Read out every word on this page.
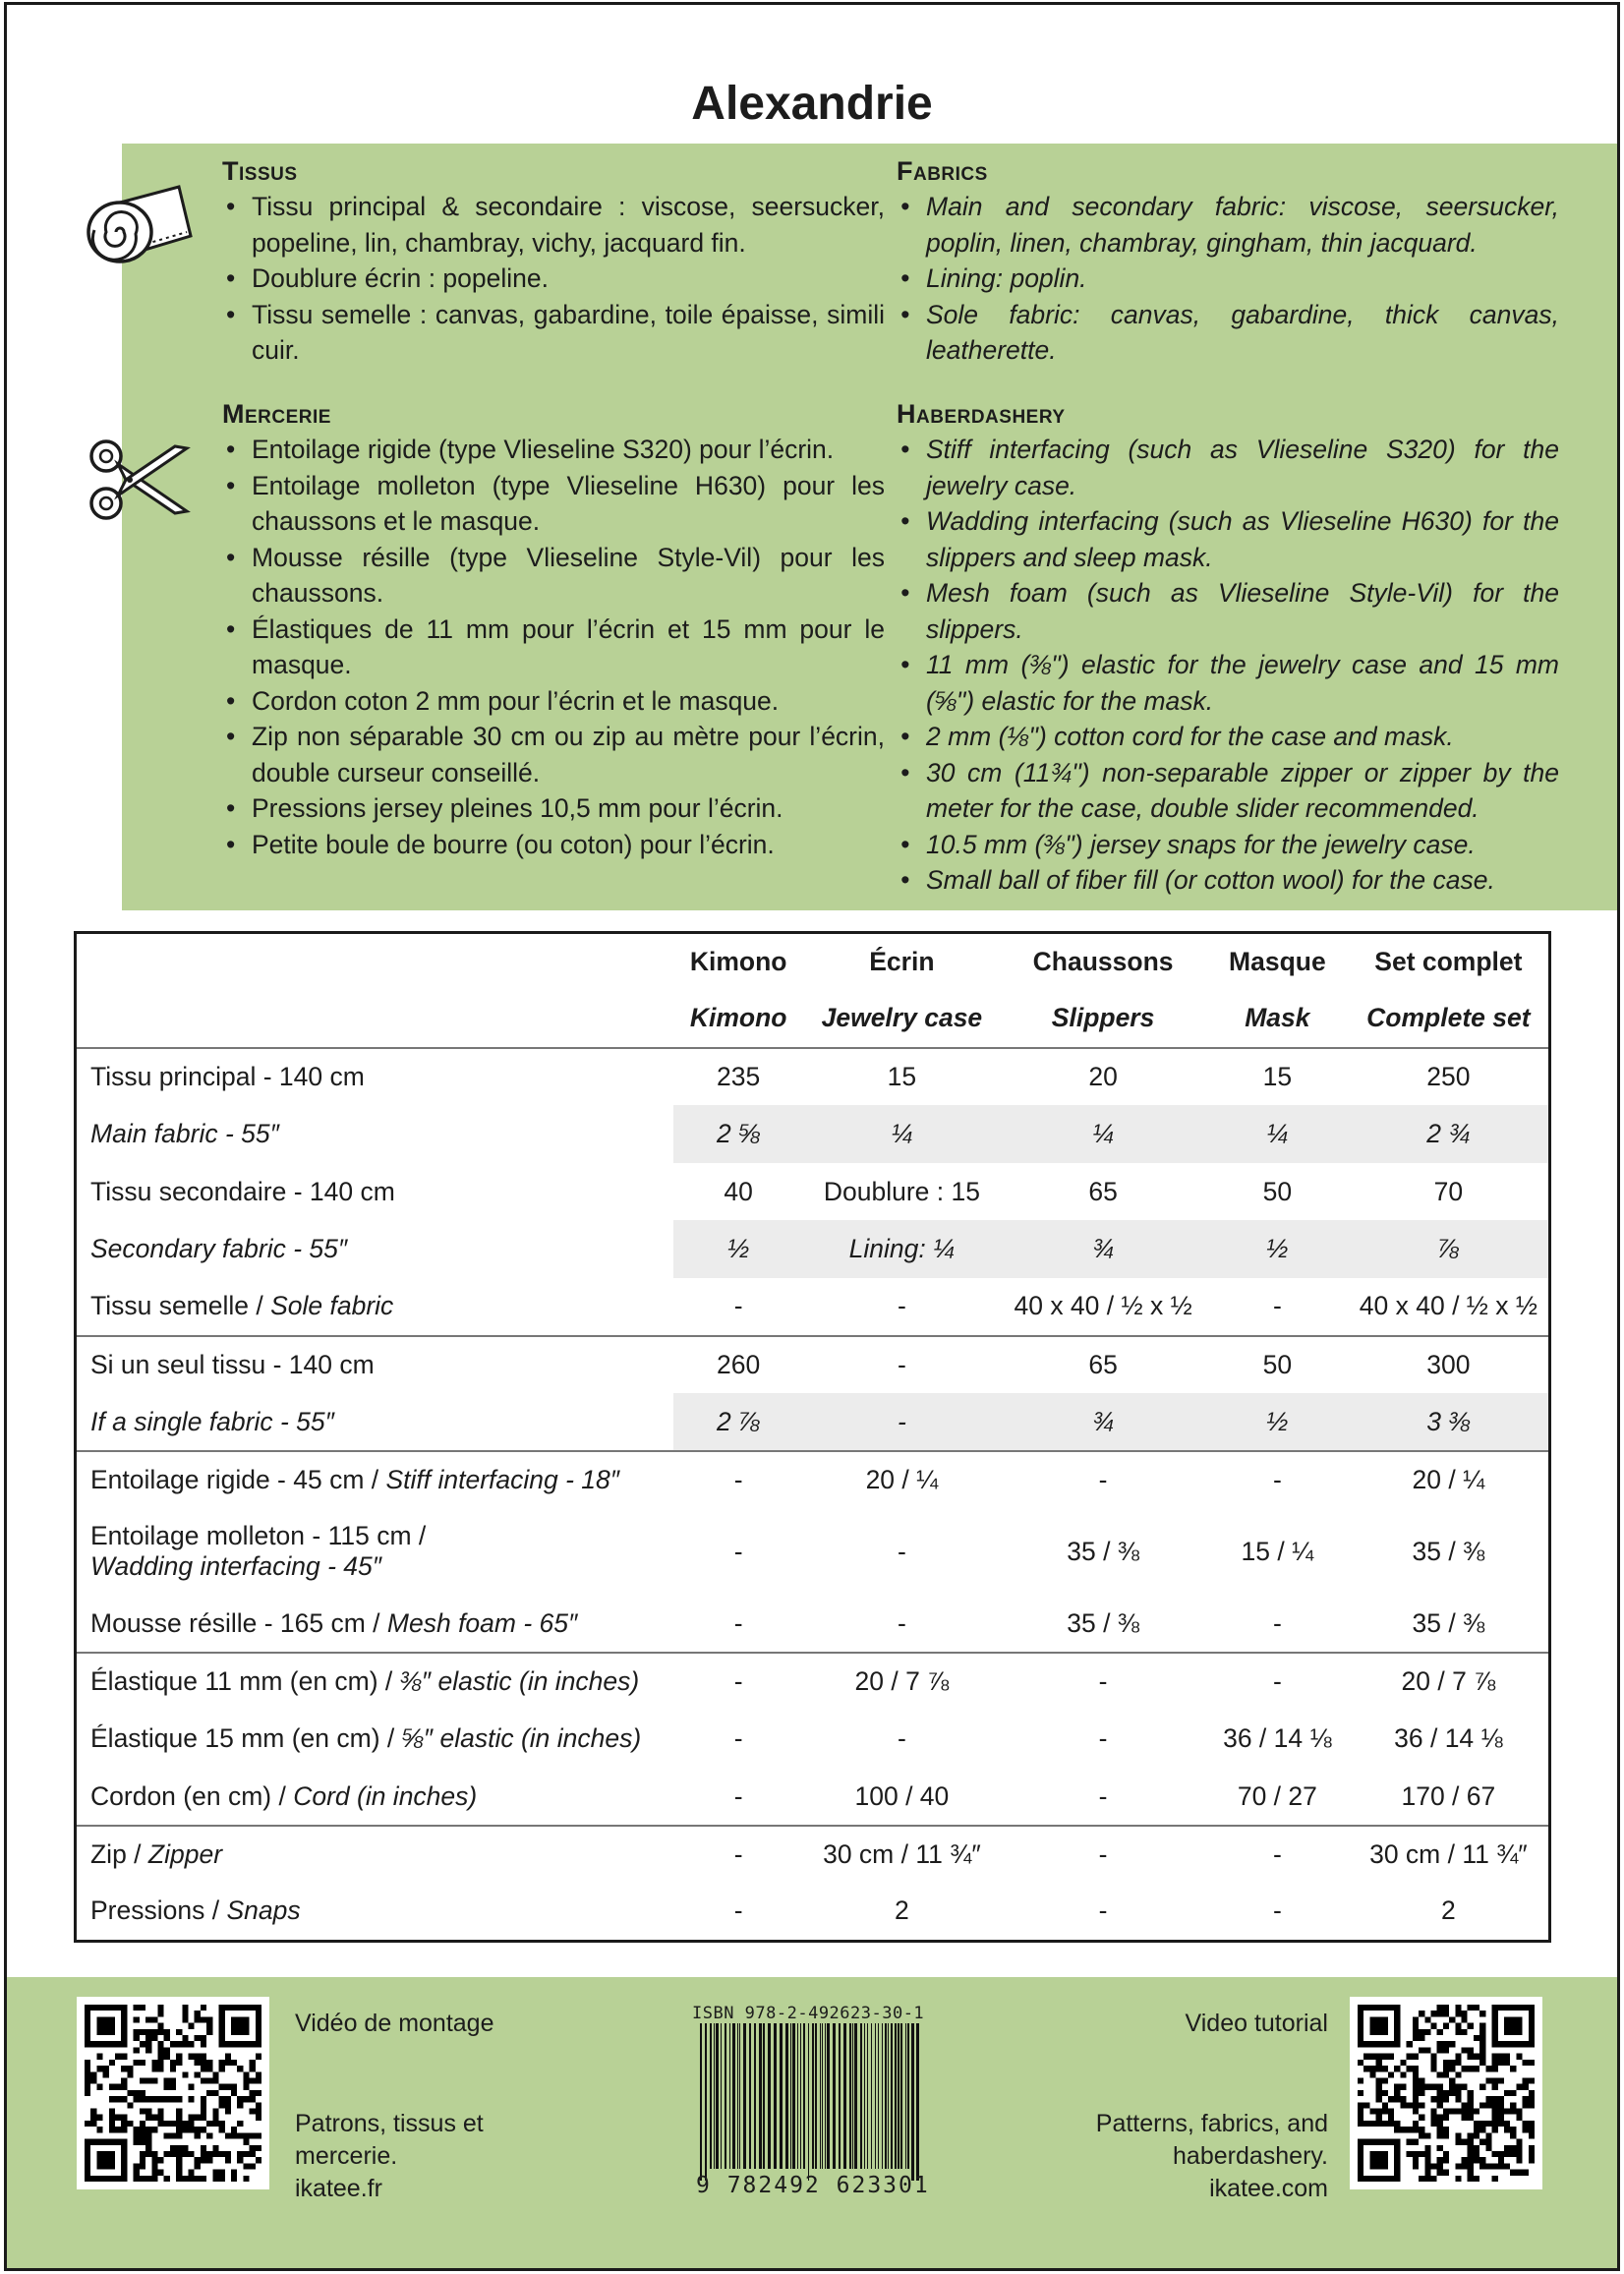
Alexandrie
Tissus
• Tissu principal & secondaire : viscose, seersucker, popeline, lin, chambray, vichy, jacquard fin.
• Doublure écrin : popeline.
• Tissu semelle : canvas, gabardine, toile épaisse, simili cuir.
Fabrics
• Main and secondary fabric: viscose, seersucker, poplin, linen, chambray, gingham, thin jacquard.
• Lining: poplin.
• Sole fabric: canvas, gabardine, thick canvas, leatherette.
Mercerie
• Entoilage rigide (type Vlieseline S320) pour l’écrin.
• Entoilage molleton (type Vlieseline H630) pour les chaussons et le masque.
• Mousse résille (type Vlieseline Style-Vil) pour les chaussons.
• Élastiques de 11 mm pour l’écrin et 15 mm pour le masque.
• Cordon coton 2 mm pour l’écrin et le masque.
• Zip non séparable 30 cm ou zip au mètre pour l’écrin, double curseur conseillé.
• Pressions jersey pleines 10,5 mm pour l’écrin.
• Petite boule de bourre (ou coton) pour l’écrin.
Haberdashery
• Stiff interfacing (such as Vlieseline S320) for the jewelry case.
• Wadding interfacing (such as Vlieseline H630) for the slippers and sleep mask.
• Mesh foam (such as Vlieseline Style-Vil) for the slippers.
• 11 mm (⅜") elastic for the jewelry case and 15 mm (⅝") elastic for the mask.
• 2 mm (⅛") cotton cord for the case and mask.
• 30 cm (11¾") non-separable zipper or zipper by the meter for the case, double slider recommended.
• 10.5 mm (⅜") jersey snaps for the jewelry case.
• Small ball of fiber fill (or cotton wool) for the case.
	Kimono	Écrin	Chaussons	Masque	Set complet
	Kimono	Jewelry case	Slippers	Mask	Complete set
Tissu principal - 140 cm	235	15	20	15	250
Main fabric - 55″	2 ⅝	¼	¼	¼	2 ¾
Tissu secondaire - 140 cm	40	Doublure : 15	65	50	70
Secondary fabric - 55″	½	Lining: ¼	¾	½	⅞
Tissu semelle / Sole fabric	-	-	40 x 40 / ½ x ½	-	40 x 40 / ½ x ½
Si un seul tissu - 140 cm	260	-	65	50	300
If a single fabric - 55″	2 ⅞	-	¾	½	3 ⅜
Entoilage rigide - 45 cm / Stiff interfacing - 18″	-	20 / ¼	-	-	20 / ¼
Entoilage molleton - 115 cm /
Wadding interfacing - 45″	-	-	35 / ⅜	15 / ¼	35 / ⅜
Mousse résille - 165 cm / Mesh foam - 65″	-	-	35 / ⅜	-	35 / ⅜
Élastique 11 mm (en cm) / ⅜″ elastic (in inches)	-	20 / 7 ⅞	-	-	20 / 7 ⅞
Élastique 15 mm (en cm) / ⅝″ elastic (in inches)	-	-	-	36 / 14 ⅛	36 / 14 ⅛
Cordon (en cm) / Cord (in inches)	-	100 / 40	-	70 / 27	170 / 67
Zip / Zipper	-	30 cm / 11 ¾″	-	-	30 cm / 11 ¾″
Pressions / Snaps	-	2	-	-	2
Vidéo de montage
Patrons, tissus et
mercerie.
ikatee.fr
Video tutorial
Patterns, fabrics, and
haberdashery.
ikatee.com
ISBN 978-2-492623-30-1
9 782492 623301
